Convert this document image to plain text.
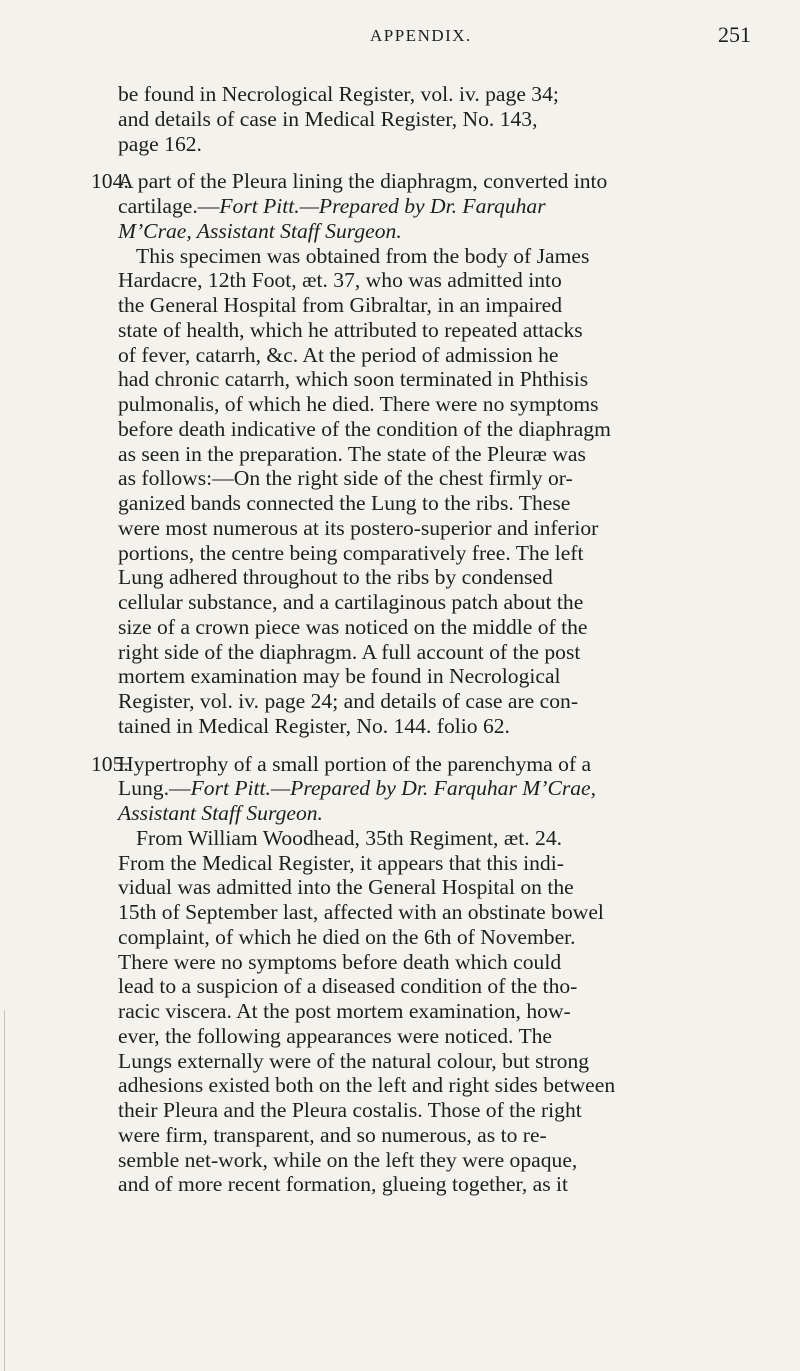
APPENDIX.	251

be found in Necrological Register, vol. iv. page 34;
and details of case in Medical Register, No. 143,
page 162.

104.

A part of the Pleura lining the diaphragm, converted into
cartilage.—Fort Pitt.—Prepared by Dr. Farquhar
M’Crae, Assistant Staff Surgeon.

This specimen was obtained from the body of James
Hardacre, 12th Foot, æt. 37, who was admitted into
the General Hospital from Gibraltar, in an impaired
state of health, which he attributed to repeated attacks
of fever, catarrh, &c. At the period of admission he
had chronic catarrh, which soon terminated in Phthisis
pulmonalis, of which he died. There were no symptoms
before death indicative of the condition of the diaphragm
as seen in the preparation. The state of the Pleuræ was
as follows:—On the right side of the chest firmly or-
ganized bands connected the Lung to the ribs. These
were most numerous at its postero-superior and inferior
portions, the centre being comparatively free. The left
Lung adhered throughout to the ribs by condensed
cellular substance, and a cartilaginous patch about the
size of a crown piece was noticed on the middle of the
right side of the diaphragm. A full account of the post
mortem examination may be found in Necrological
Register, vol. iv. page 24; and details of case are con-
tained in Medical Register, No. 144. folio 62.

105.

Hypertrophy of a small portion of the parenchyma of a
Lung.—Fort Pitt.—Prepared by Dr. Farquhar M’Crae,
Assistant Staff Surgeon.

From William Woodhead, 35th Regiment, æt. 24.
From the Medical Register, it appears that this indi-
vidual was admitted into the General Hospital on the
15th of September last, affected with an obstinate bowel
complaint, of which he died on the 6th of November.
There were no symptoms before death which could
lead to a suspicion of a diseased condition of the tho-
racic viscera. At the post mortem examination, how-
ever, the following appearances were noticed. The
Lungs externally were of the natural colour, but strong
adhesions existed both on the left and right sides between
their Pleura and the Pleura costalis. Those of the right
were firm, transparent, and so numerous, as to re-
semble net-work, while on the left they were opaque,
and of more recent formation, glueing together, as it
